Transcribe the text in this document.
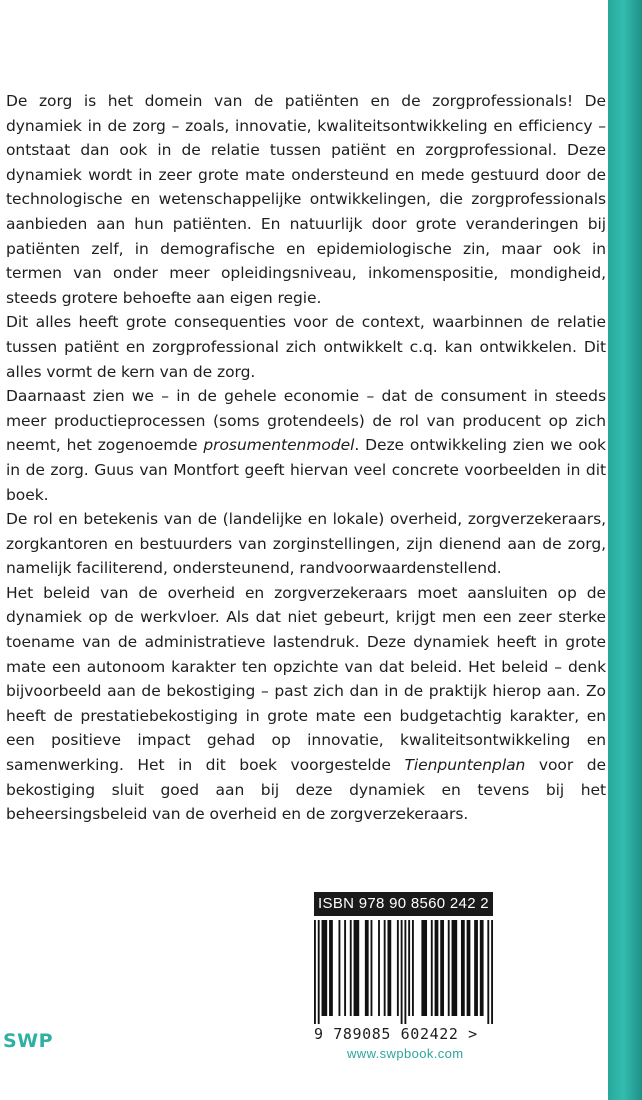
De zorg is het domein van de patiënten en de zorgprofessionals! De dynamiek in de zorg – zoals, innovatie, kwaliteitsontwikkeling en efficiency – ontstaat dan ook in de relatie tussen patiënt en zorgprofessional. Deze dynamiek wordt in zeer grote mate ondersteund en mede gestuurd door de technologische en wetenschappelijke ontwikkelingen, die zorgprofessionals aanbieden aan hun patiënten. En natuurlijk door grote veranderingen bij patiënten zelf, in demografische en epidemiologische zin, maar ook in termen van onder meer opleidingsniveau, inkomenspositie, mondigheid, steeds grotere behoefte aan eigen regie.

Dit alles heeft grote consequenties voor de context, waarbinnen de relatie tussen patiënt en zorgprofessional zich ontwikkelt c.q. kan ontwikkelen. Dit alles vormt de kern van de zorg.

Daarnaast zien we – in de gehele economie – dat de consument in steeds meer productieprocessen (soms grotendeels) de rol van producent op zich neemt, het zogenoemde prosumentenmodel. Deze ontwikkeling zien we ook in de zorg. Guus van Montfort geeft hiervan veel concrete voorbeelden in dit boek.

De rol en betekenis van de (landelijke en lokale) overheid, zorgverzekeraars, zorgkantoren en bestuurders van zorginstellingen, zijn dienend aan de zorg, namelijk faciliterend, ondersteunend, randvoorwaardenstellend.

Het beleid van de overheid en zorgverzekeraars moet aansluiten op de dynamiek op de werkvloer. Als dat niet gebeurt, krijgt men een zeer sterke toename van de administratieve lastendruk. Deze dynamiek heeft in grote mate een autonoom karakter ten opzichte van dat beleid. Het beleid – denk bijvoorbeeld aan de bekostiging – past zich dan in de praktijk hierop aan. Zo heeft de prestatiebekostiging in grote mate een budgetachtig karakter, en een positieve impact gehad op innovatie, kwaliteitsontwikkeling en samenwerking. Het in dit boek voorgestelde Tienpuntenplan voor de bekostiging sluit goed aan bij deze dynamiek en tevens bij het beheersingsbeleid van de overheid en de zorgverzekeraars.

ISBN 978 90 8560 242 2
9 789085 602422 >
www.swpbook.com
SWP
